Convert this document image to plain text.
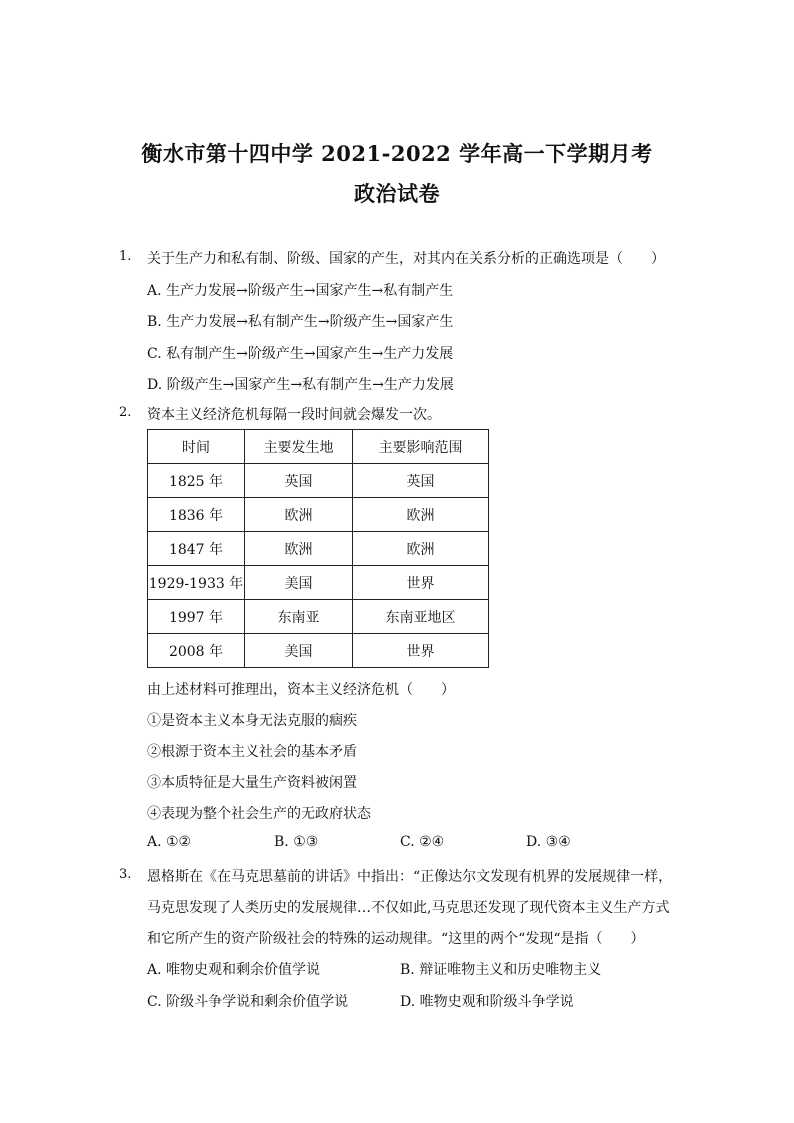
衡水市第十四中学 2021-2022 学年高一下学期月考
政治试卷
1. 关于生产力和私有制、阶级、国家的产生，对其内在关系分析的正确选项是（　　）
A. 生产力发展→阶级产生→国家产生→私有制产生
B. 生产力发展→私有制产生→阶级产生→国家产生
C. 私有制产生→阶级产生→国家产生→生产力发展
D. 阶级产生→国家产生→私有制产生→生产力发展
2. 资本主义经济危机每隔一段时间就会爆发一次。
时间	主要发生地	主要影响范围
1825 年	英国	英国
1836 年	欧洲	欧洲
1847 年	欧洲	欧洲
1929-1933 年	美国	世界
1997 年	东南亚	东南亚地区
2008 年	美国	世界
由上述材料可推理出，资本主义经济危机（　　）
①是资本主义本身无法克服的痼疾
②根源于资本主义社会的基本矛盾
③本质特征是大量生产资料被闲置
④表现为整个社会生产的无政府状态
A. ①②	B. ①③	C. ②④	D. ③④
3. 恩格斯在《在马克思墓前的讲话》中指出：“正像达尔文发现有机界的发展规律一样，
马克思发现了人类历史的发展规律…不仅如此,马克思还发现了现代资本主义生产方式
和它所产生的资产阶级社会的特殊的运动规律。“这里的两个“发现“是指（　　）
A. 唯物史观和剩余价值学说	B. 辩证唯物主义和历史唯物主义
C. 阶级斗争学说和剩余价值学说	D. 唯物史观和阶级斗争学说
